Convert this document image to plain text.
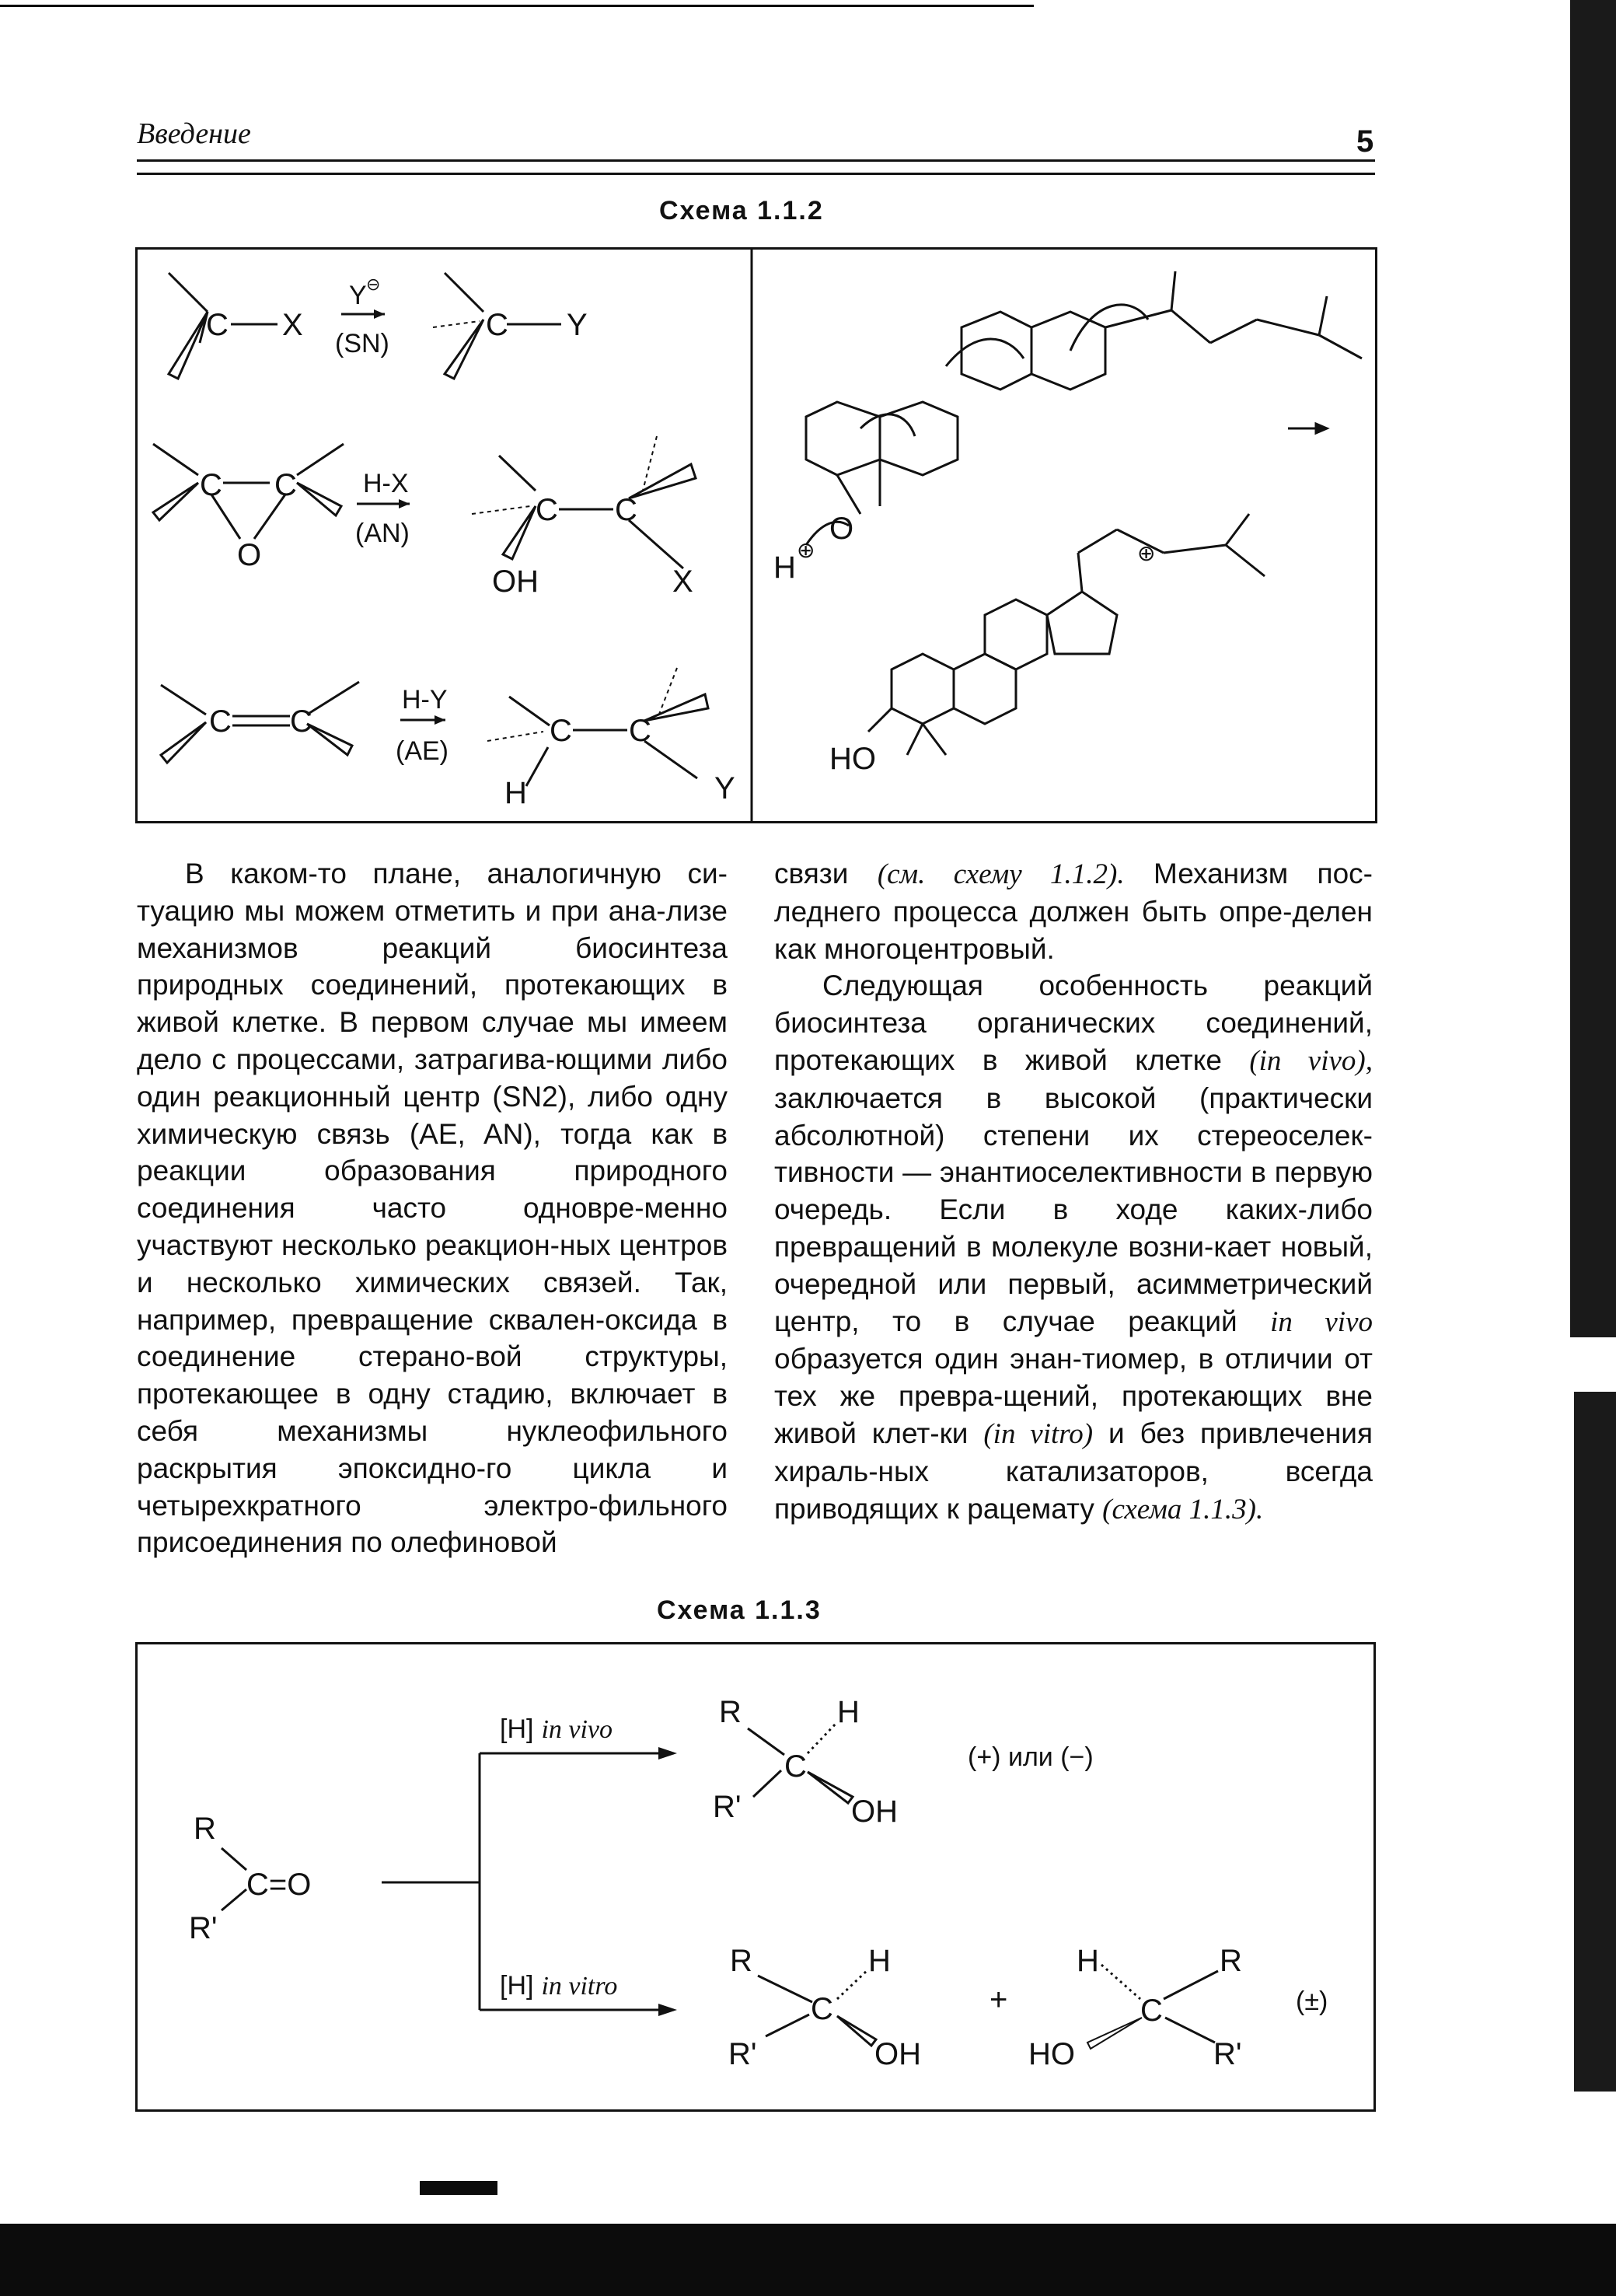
Введение	5
Схема 1.1.2
C X
Y ⊖
(SN)
C Y
C C
O
H-X
(AN)
C C
OH	X
C C
H-Y
(AE)
C C
H	Y
O
H
⊕
HO
⊕

В каком-то плане, аналогичную си-туацию мы можем отметить и при ана-лизе механизмов реакций биосинтеза природных соединений, протекающих в живой клетке. В первом случае мы имеем дело с процессами, затрагива-ющими либо один реакционный центр (SN2), либо одну химическую связь (AE, AN), тогда как в реакции образования природного соединения часто одновре-менно участвуют несколько реакцион-ных центров и несколько химических связей. Так, например, превращение сквален-оксида в соединение стерано-вой структуры, протекающее в одну стадию, включает в себя механизмы нуклеофильного раскрытия эпоксидно-го цикла и четырехкратного электро-фильного присоединения по олефиновой

связи (см. схему 1.1.2). Механизм пос-леднего процесса должен быть опре-делен как многоцентровый.

Следующая особенность реакций биосинтеза органических соединений, протекающих в живой клетке (in vivo), заключается в высокой (практически абсолютной) степени их стереоселек-тивности — энантиоселективности в первую очередь. Если в ходе каких-либо превращений в молекуле возни-кает новый, очередной или первый, асимметрический центр, то в случае реакций in vivo образуется один энан-тиомер, в отличии от тех же превра-щений, протекающих вне живой клет-ки (in vitro) и без привлечения хираль-ных катализаторов, всегда приводящих к рацемату (схема 1.1.3).

Схема 1.1.3
R
C=O
R'
[H] in vivo
[H] in vitro
R
C
H
R'	OH
(+) или (−)
R
C
H
R'	OH
+
H
C
R
HO	R'
(±)
